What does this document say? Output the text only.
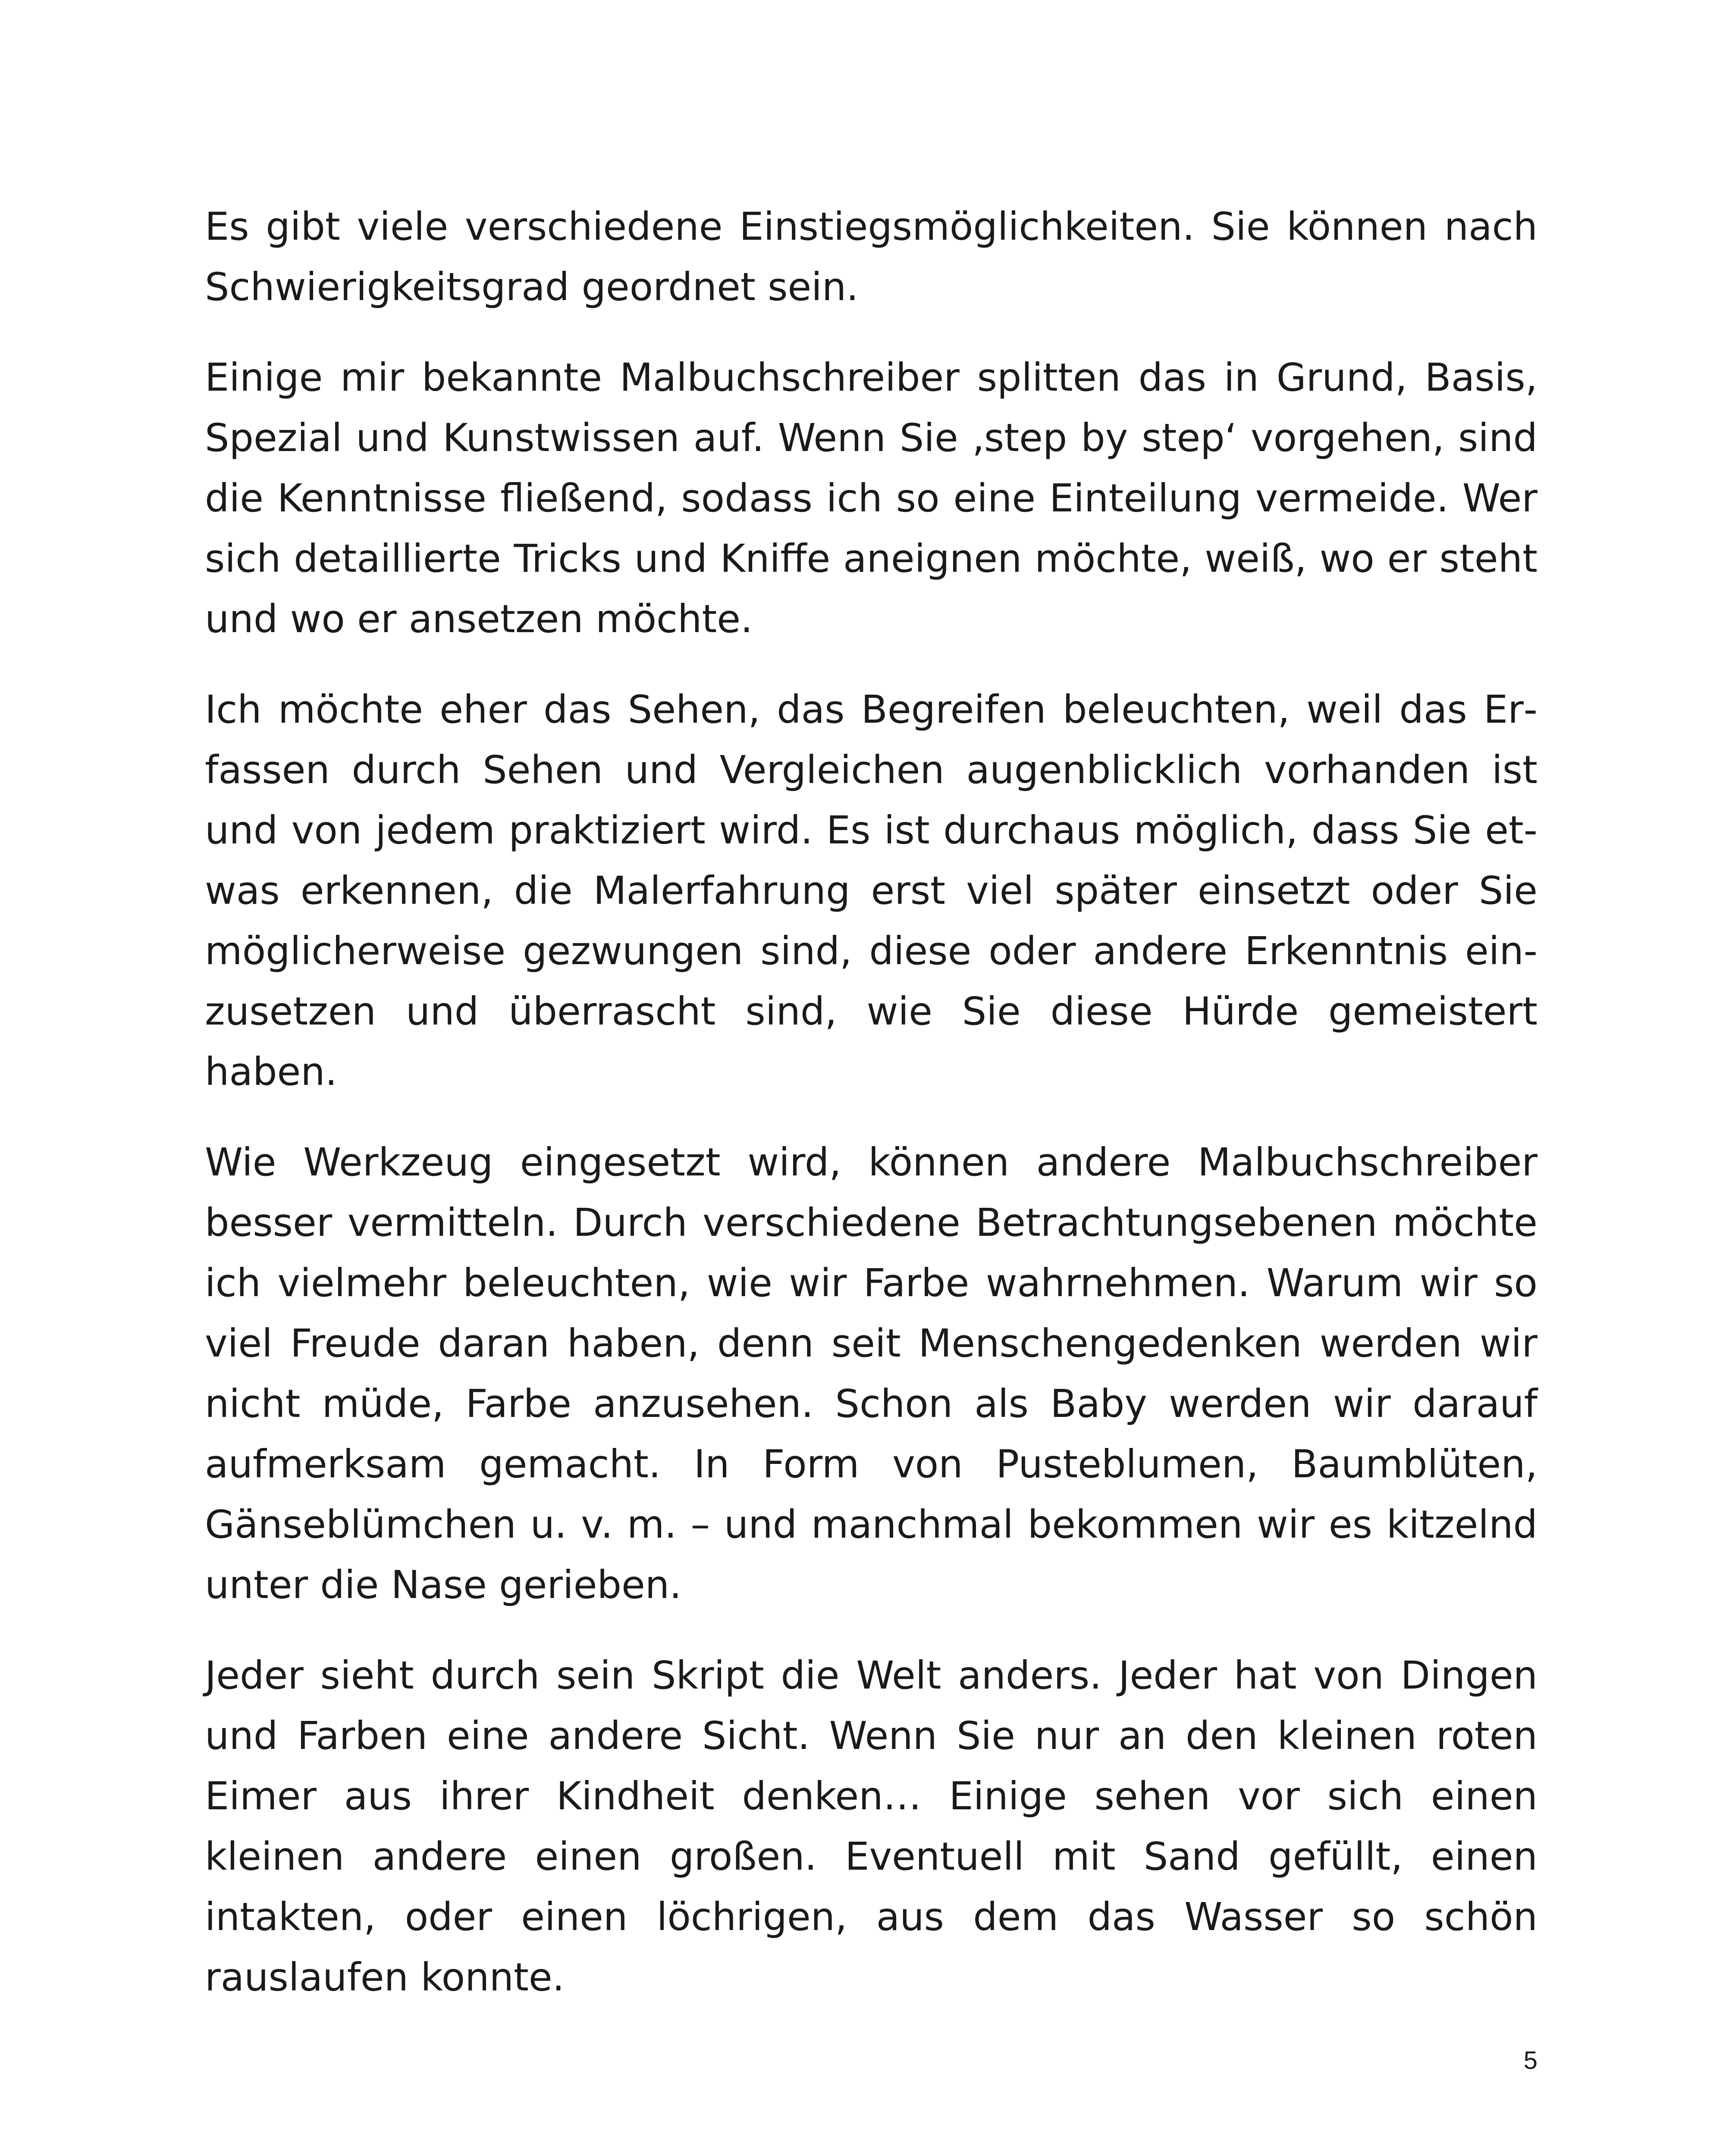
Es gibt viele verschiedene Einstiegsmöglichkeiten. Sie können nach Schwierigkeitsgrad geordnet sein.

Einige mir bekannte Malbuchschreiber splitten das in Grund, Basis, Spezial und Kunstwissen auf. Wenn Sie ‚step by step‘ vorgehen, sind die Kenntnisse fließend, sodass ich so eine Einteilung vermeide. Wer sich detaillierte Tricks und Kniffe aneignen möchte, weiß, wo er steht und wo er ansetzen möchte.

Ich möchte eher das Sehen, das Begreifen beleuchten, weil das Erfassen durch Sehen und Vergleichen augenblicklich vorhanden ist und von jedem praktiziert wird. Es ist durchaus möglich, dass Sie etwas erkennen, die Malerfahrung erst viel später einsetzt oder Sie möglicherweise gezwungen sind, diese oder andere Erkenntnis einzusetzen und überrascht sind, wie Sie diese Hürde gemeistert haben.

Wie Werkzeug eingesetzt wird, können andere Malbuchschreiber besser vermitteln. Durch verschiedene Betrachtungsebenen möchte ich vielmehr beleuchten, wie wir Farbe wahrnehmen. Warum wir so viel Freude daran haben, denn seit Menschengedenken werden wir nicht müde, Farbe anzusehen. Schon als Baby werden wir darauf aufmerksam gemacht. In Form von Pusteblumen, Baumblüten, Gänseblümchen u. v. m. – und manchmal bekommen wir es kitzelnd unter die Nase gerieben.

Jeder sieht durch sein Skript die Welt anders. Jeder hat von Dingen und Farben eine andere Sicht. Wenn Sie nur an den kleinen roten Eimer aus ihrer Kindheit denken… Einige sehen vor sich einen kleinen andere einen großen. Eventuell mit Sand gefüllt, einen intakten, oder einen löchrigen, aus dem das Wasser so schön rauslaufen konnte.

5
